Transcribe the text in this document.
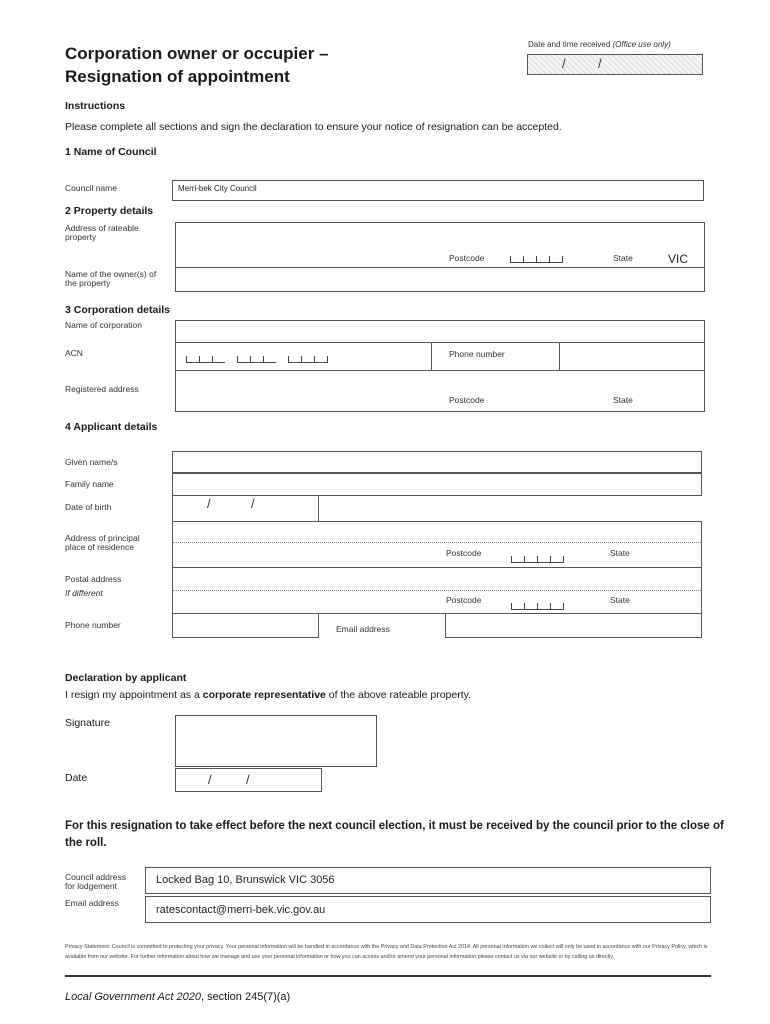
Corporation owner or occupier –
Resignation of appointment
Date and time received (Office use only)
/ /
Instructions
Please complete all sections and sign the declaration to ensure your notice of resignation can be accepted.
1 Name of Council
Council name	Merri-bek City Council
2 Property details
Address of rateable
property
Postcode	State	VIC
Name of the owner(s) of
the property
3 Corporation details
Name of corporation
ACN	Phone number
Registered address
Postcode	State
4 Applicant details
Given name/s
Family name
Date of birth	/	/
Address of principal
place of residence
Postcode	State
Postal address
If different
Postcode	State
Phone number	Email address
Declaration by applicant
I resign my appointment as a corporate representative of the above rateable property.
Signature
Date	/	/
For this resignation to take effect before the next council election, it must be received by the council prior to the close of the roll.
Council address
for lodgement	Locked Bag 10, Brunswick VIC 3056
Email address
ratescontact@merri-bek.vic.gov.au
Privacy Statement: Council is committed to protecting your privacy. Your personal information will be handled in accordance with the Privacy and Data Protection Act 2014. All personal information we collect will only be used in accordance with our Privacy Policy, which is available from our website. For further information about how we manage and use your personal information or how you can access and/or amend your personal information please contact us via our website or by calling us directly.
Local Government Act 2020, section 245(7)(a)
